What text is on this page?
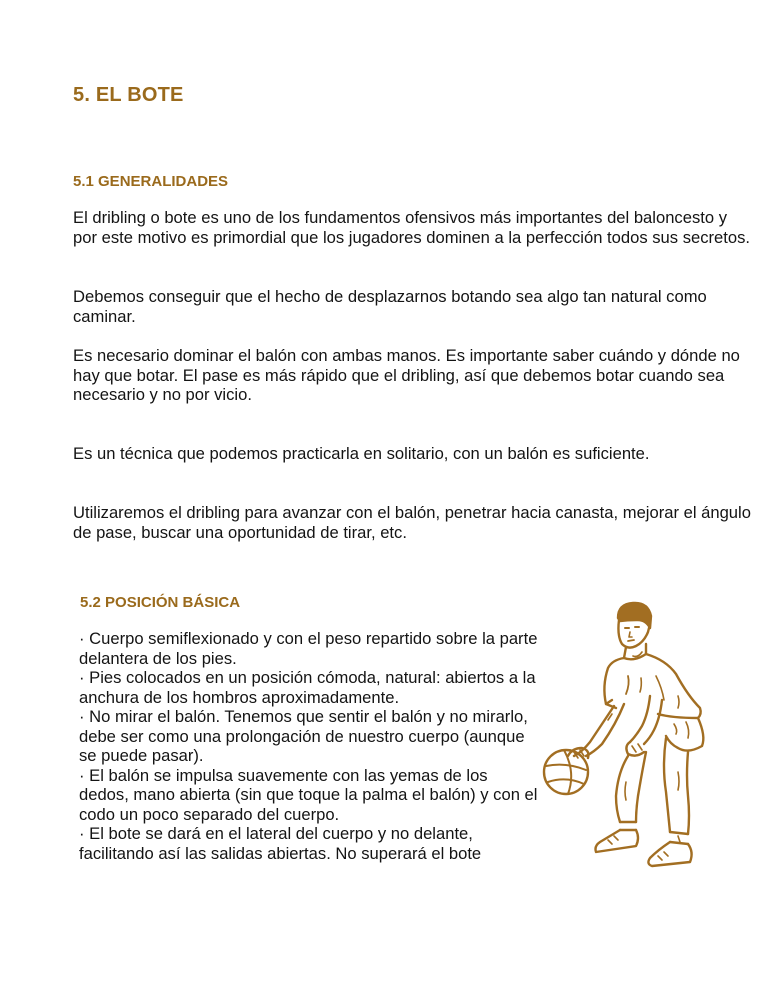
5. EL BOTE
5.1 GENERALIDADES

El dribling o bote es uno de los fundamentos ofensivos más importantes del baloncesto y por este motivo es primordial que los jugadores dominen a la perfección todos sus secretos.

Debemos conseguir que el hecho de desplazarnos botando sea algo tan natural como caminar.

Es necesario dominar el balón con ambas manos. Es importante saber cuándo y dónde no hay que botar. El pase es más rápido que el dribling, así que debemos botar cuando sea necesario y no por vicio.

Es un técnica que podemos practicarla en solitario, con un balón es suficiente.

Utilizaremos el dribling para avanzar con el balón, penetrar hacia canasta, mejorar el ángulo de pase, buscar una oportunidad de tirar, etc.

5.2 POSICIÓN BÁSICA
· Cuerpo semiflexionado y con el peso repartido sobre la parte delantera de los pies.
· Pies colocados en un posición cómoda, natural: abiertos a la anchura de los hombros aproximadamente.
· No mirar el balón. Tenemos que sentir el balón y no mirarlo, debe ser como una prolongación de nuestro cuerpo (aunque se puede pasar).
· El balón se impulsa suavemente con las yemas de los dedos, mano abierta (sin que toque la palma el balón) y con el codo un poco separado del cuerpo.
· El bote se dará en el lateral del cuerpo y no delante, facilitando así las salidas abiertas. No superará el bote
